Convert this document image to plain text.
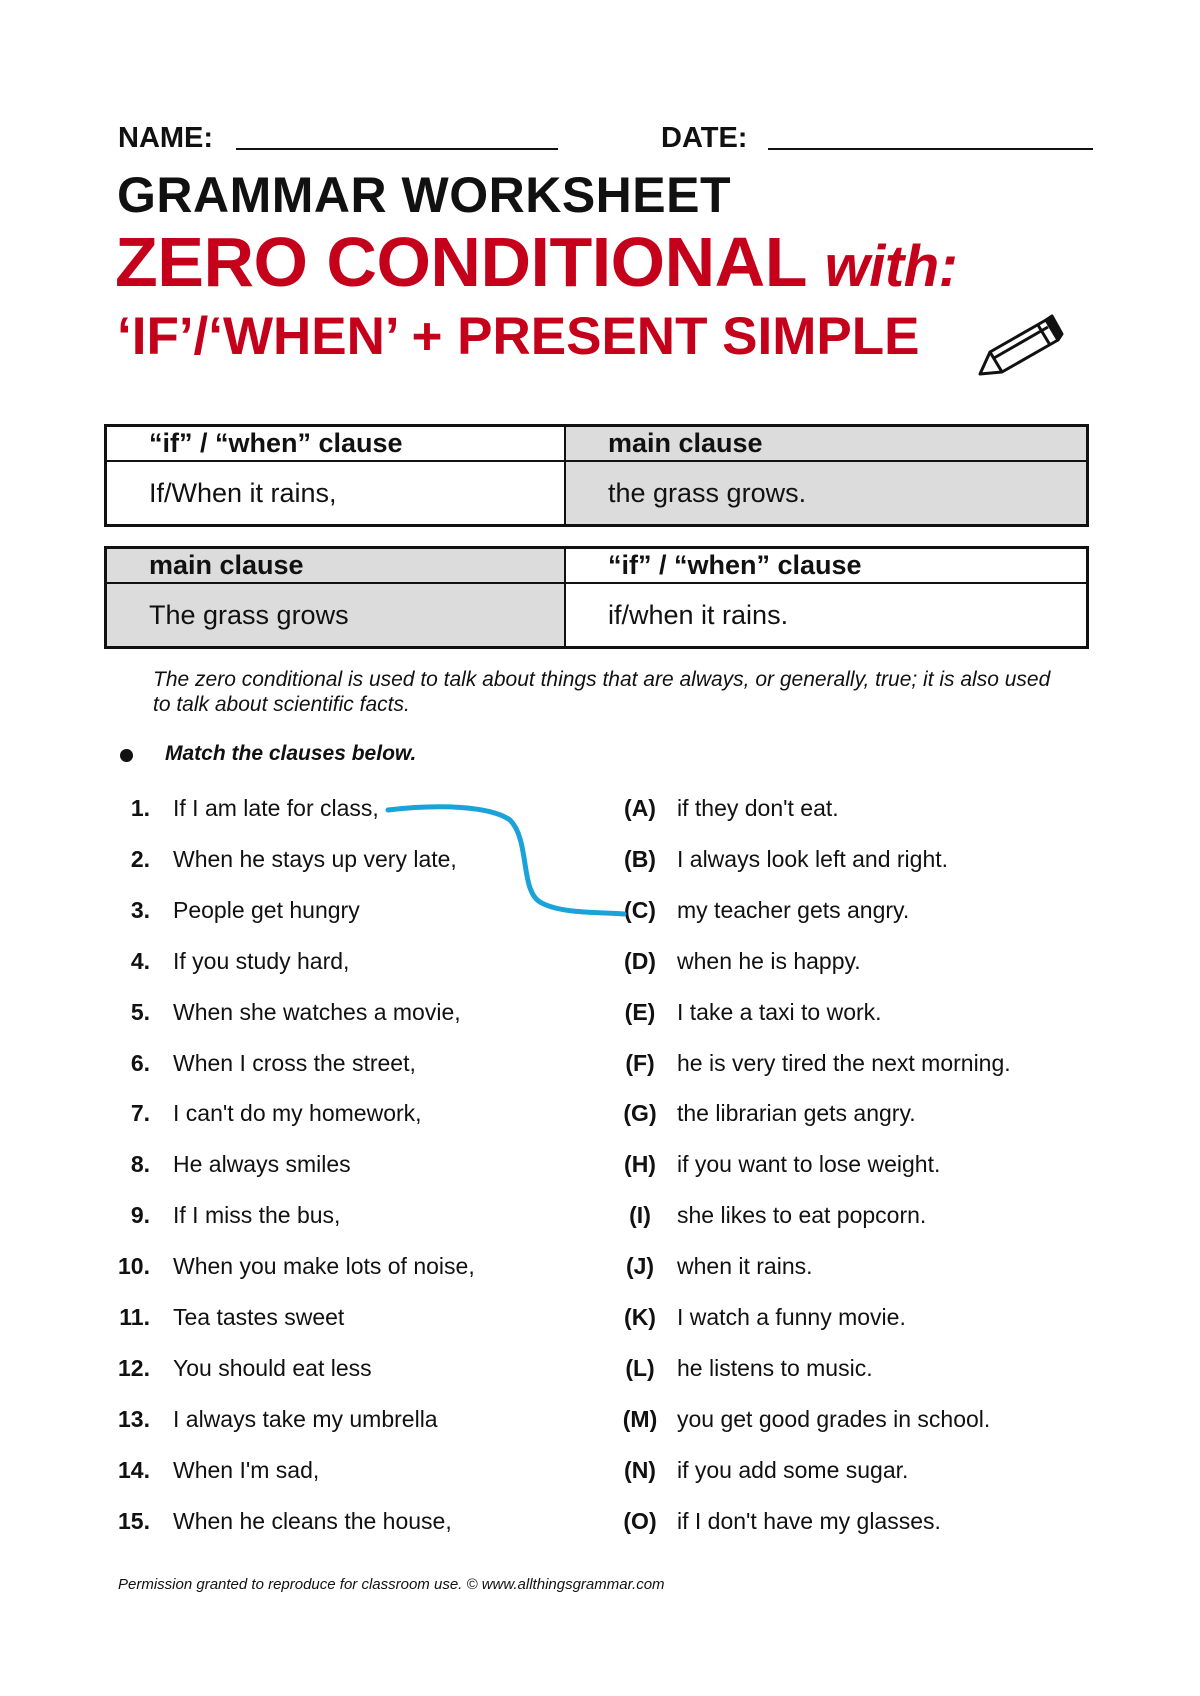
NAME:	DATE:
GRAMMAR WORKSHEET
ZERO CONDITIONAL with:
‘IF’/‘WHEN’ + PRESENT SIMPLE
“if” / “when” clause	main clause
If/When it rains,	the grass grows.
main clause	“if” / “when” clause
The grass grows	if/when it rains.
The zero conditional is used to talk about things that are always, or generally, true; it is also used to talk about scientific facts.
Match the clauses below.
1. If I am late for class,	(A) if they don't eat.
2. When he stays up very late,	(B) I always look left and right.
3. People get hungry	(C) my teacher gets angry.
4. If you study hard,	(D) when he is happy.
5. When she watches a movie,	(E) I take a taxi to work.
6. When I cross the street,	(F) he is very tired the next morning.
7. I can't do my homework,	(G) the librarian gets angry.
8. He always smiles	(H) if you want to lose weight.
9. If I miss the bus,	(I)	she likes to eat popcorn.
10. When you make lots of noise,	(J) when it rains.
11. Tea tastes sweet	(K) I watch a funny movie.
12. You should eat less	(L) he listens to music.
13. I always take my umbrella	(M) you get good grades in school.
14. When I'm sad,	(N) if you add some sugar.
15. When he cleans the house,	(O) if I don't have my glasses.
Permission granted to reproduce for classroom use. © www.allthingsgrammar.com
